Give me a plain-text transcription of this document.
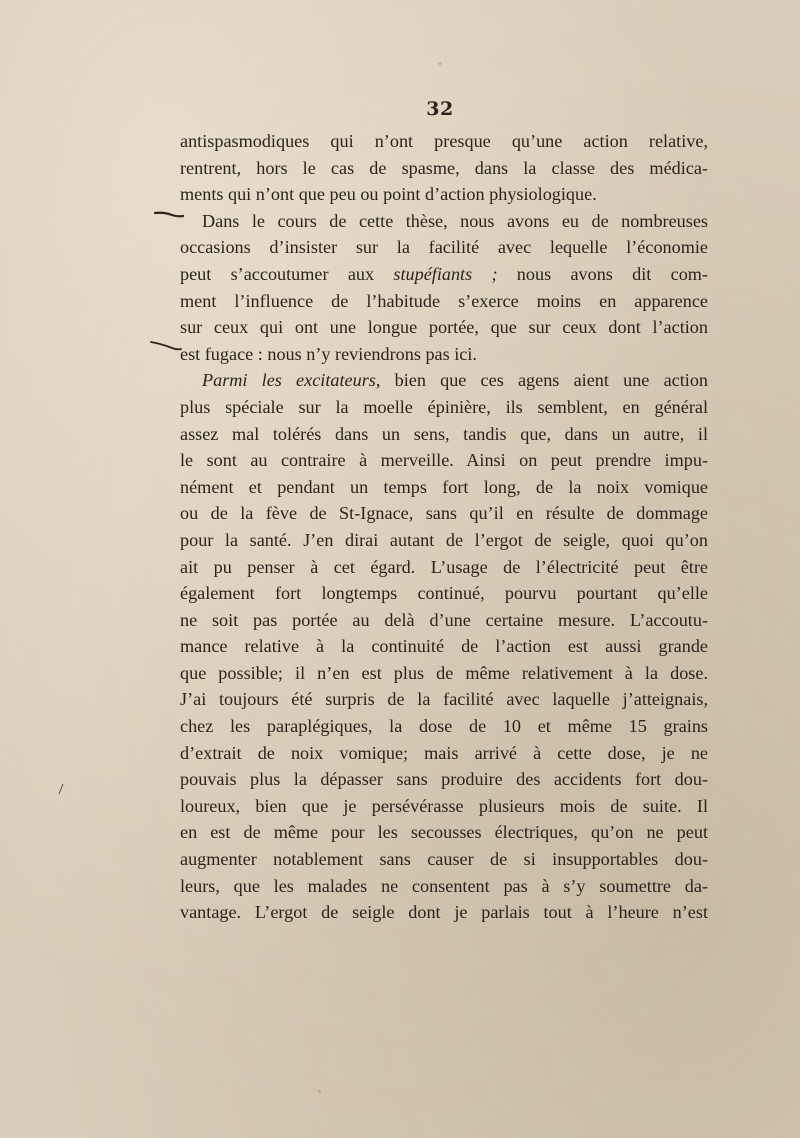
32
antispasmodiques qui n’ont presque qu’une action relative,
rentrent, hors le cas de spasme, dans la classe des médica-
ments qui n’ont que peu ou point d’action physiologique.
Dans le cours de cette thèse, nous avons eu de nombreuses
occasions d’insister sur la facilité avec lequelle l’économie
peut s’accoutumer aux stupéfiants ; nous avons dit com-
ment l’influence de l’habitude s’exerce moins en apparence
sur ceux qui ont une longue portée, que sur ceux dont l’action
est fugace : nous n’y reviendrons pas ici.
Parmi les excitateurs, bien que ces agens aient une action
plus spéciale sur la moelle épinière, ils semblent, en général
assez mal tolérés dans un sens, tandis que, dans un autre, il
le sont au contraire à merveille. Ainsi on peut prendre impu-
nément et pendant un temps fort long, de la noix vomique
ou de la fève de St-Ignace, sans qu’il en résulte de dommage
pour la santé. J’en dirai autant de l’ergot de seigle, quoi qu’on
ait pu penser à cet égard. L’usage de l’électricité peut être
également fort longtemps continué, pourvu pourtant qu’elle
ne soit pas portée au delà d’une certaine mesure. L’accoutu-
mance relative à la continuité de l’action est aussi grande
que possible; il n’en est plus de même relativement à la dose.
J’ai toujours été surpris de la facilité avec laquelle j’atteignais,
chez les paraplégiques, la dose de 10 et même 15 grains
d’extrait de noix vomique; mais arrivé à cette dose, je ne
pouvais plus la dépasser sans produire des accidents fort dou-
loureux, bien que je persévérasse plusieurs mois de suite. Il
en est de même pour les secousses électriques, qu’on ne peut
augmenter notablement sans causer de si insupportables dou-
leurs, que les malades ne consentent pas à s’y soumettre da-
vantage. L’ergot de seigle dont je parlais tout à l’heure n’est
